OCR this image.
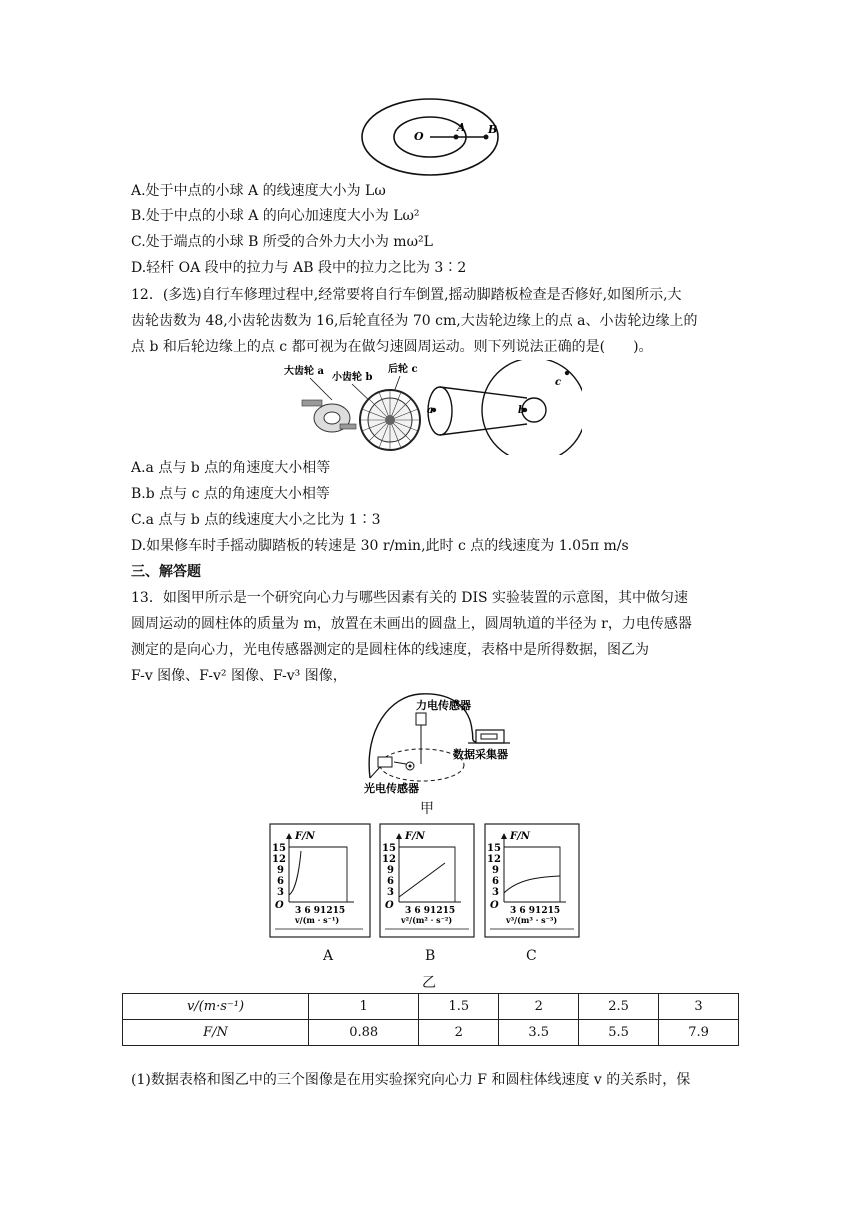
O
A B
A.处于中点的小球 A 的线速度大小为 Lω
B.处于中点的小球 A 的向心加速度大小为 Lω²
C.处于端点的小球 B 所受的合外力大小为 mω²L
D.轻杆 OA 段中的拉力与 AB 段中的拉力之比为 3∶2
12．(多选)自行车修理过程中,经常要将自行车倒置,摇动脚踏板检查是否修好,如图所示,大
齿轮齿数为 48,小齿轮齿数为 16,后轮直径为 70 cm,大齿轮边缘上的点 a、小齿轮边缘上的
点 b 和后轮边缘上的点 c 都可视为在做匀速圆周运动。则下列说法正确的是(　　)。
大齿轮 a
小齿轮 b
后轮 c
a	b
c
A.a 点与 b 点的角速度大小相等
B.b 点与 c 点的角速度大小相等
C.a 点与 b 点的线速度大小之比为 1∶3
D.如果修车时手摇动脚踏板的转速是 30 r/min,此时 c 点的线速度为 1.05π m/s
三、解答题
13．如图甲所示是一个研究向心力与哪些因素有关的 DIS 实验装置的示意图，其中做匀速
圆周运动的圆柱体的质量为 m，放置在未画出的圆盘上，圆周轨道的半径为 r，力电传感器
测定的是向心力，光电传感器测定的是圆柱体的线速度，表格中是所得数据，图乙为
F-v 图像、F-v² 图像、F-v³ 图像，
力电传感器
数据采集器
光电传感器
甲
F/N
15
12
9
6
3
O 3 6 91215
v/(m · s⁻¹)
F/N
15
12
9
6
3
O 3 6 91215
v²/(m² · s⁻²)
F/N
15
12
9
6
3
O 3 6 91215
v³/(m³ · s⁻³)
A	B	C
乙
v/(m·s⁻¹)	1	1.5	2	2.5	3
F/N	0.88	2	3.5	5.5	7.9
(1)数据表格和图乙中的三个图像是在用实验探究向心力 F 和圆柱体线速度 v 的关系时，保
